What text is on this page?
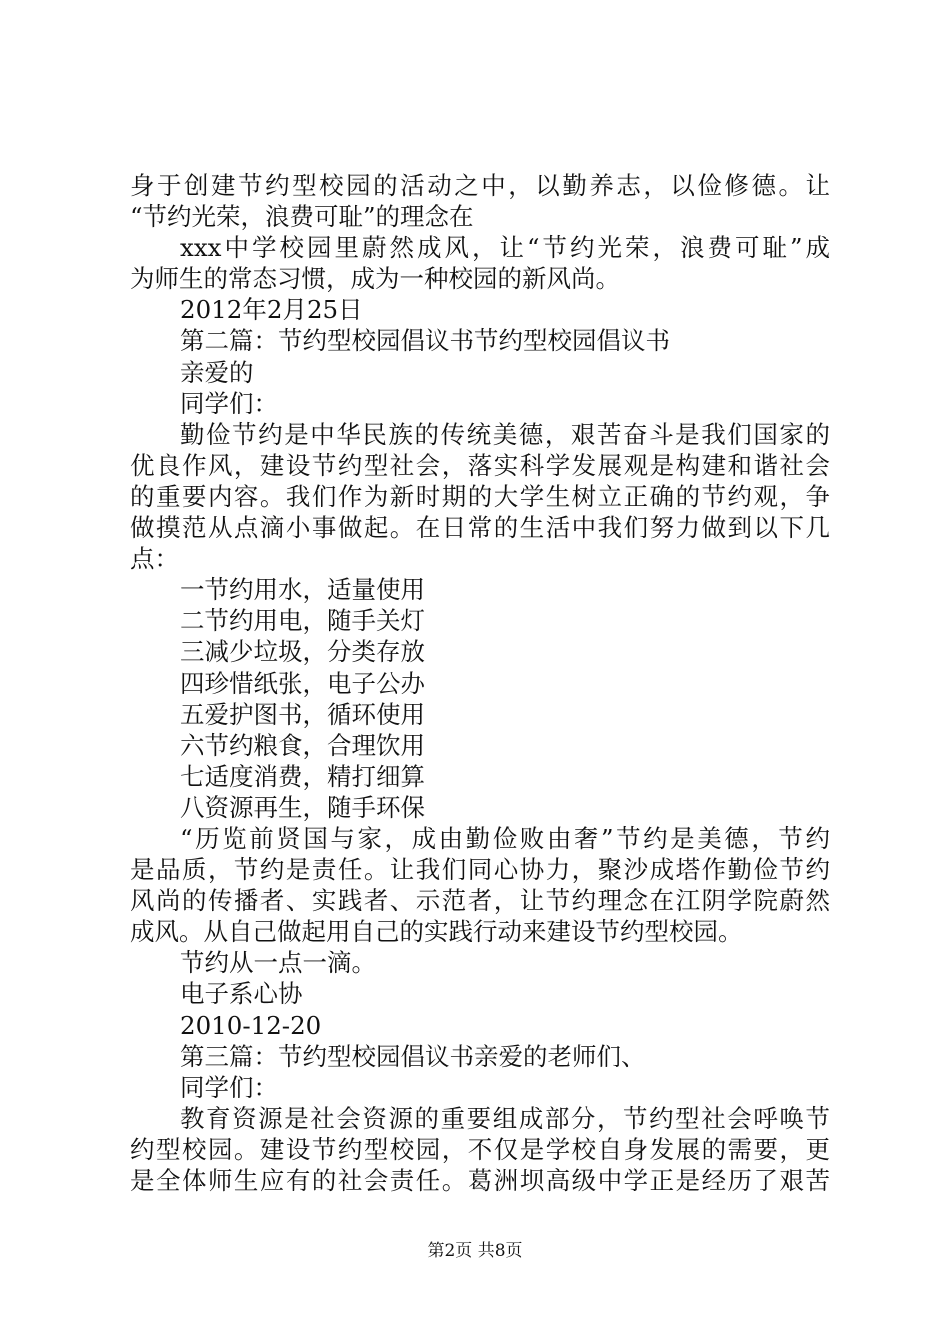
身于创建节约型校园的活动之中，以勤养志，以俭修德。让
“节约光荣，浪费可耻”的理念在
xxx中学校园里蔚然成风，让“节约光荣，浪费可耻”成
为师生的常态习惯，成为一种校园的新风尚。
2012年2月25日
第二篇：节约型校园倡议书节约型校园倡议书
亲爱的
同学们：
勤俭节约是中华民族的传统美德，艰苦奋斗是我们国家的
优良作风，建设节约型社会，落实科学发展观是构建和谐社会
的重要内容。我们作为新时期的大学生树立正确的节约观，争
做摸范从点滴小事做起。在日常的生活中我们努力做到以下几
点：
一节约用水，适量使用
二节约用电，随手关灯
三减少垃圾，分类存放
四珍惜纸张，电子公办
五爱护图书，循环使用
六节约粮食，合理饮用
七适度消费，精打细算
八资源再生，随手环保
“历览前贤国与家，成由勤俭败由奢”节约是美德，节约
是品质，节约是责任。让我们同心协力，聚沙成塔作勤俭节约
风尚的传播者、实践者、示范者，让节约理念在江阴学院蔚然
成风。从自己做起用自己的实践行动来建设节约型校园。
节约从一点一滴。
电子系心协
2010-12-20
第三篇：节约型校园倡议书亲爱的老师们、
同学们：
教育资源是社会资源的重要组成部分，节约型社会呼唤节
约型校园。建设节约型校园，不仅是学校自身发展的需要，更
是全体师生应有的社会责任。葛洲坝高级中学正是经历了艰苦
第2页 共8页
